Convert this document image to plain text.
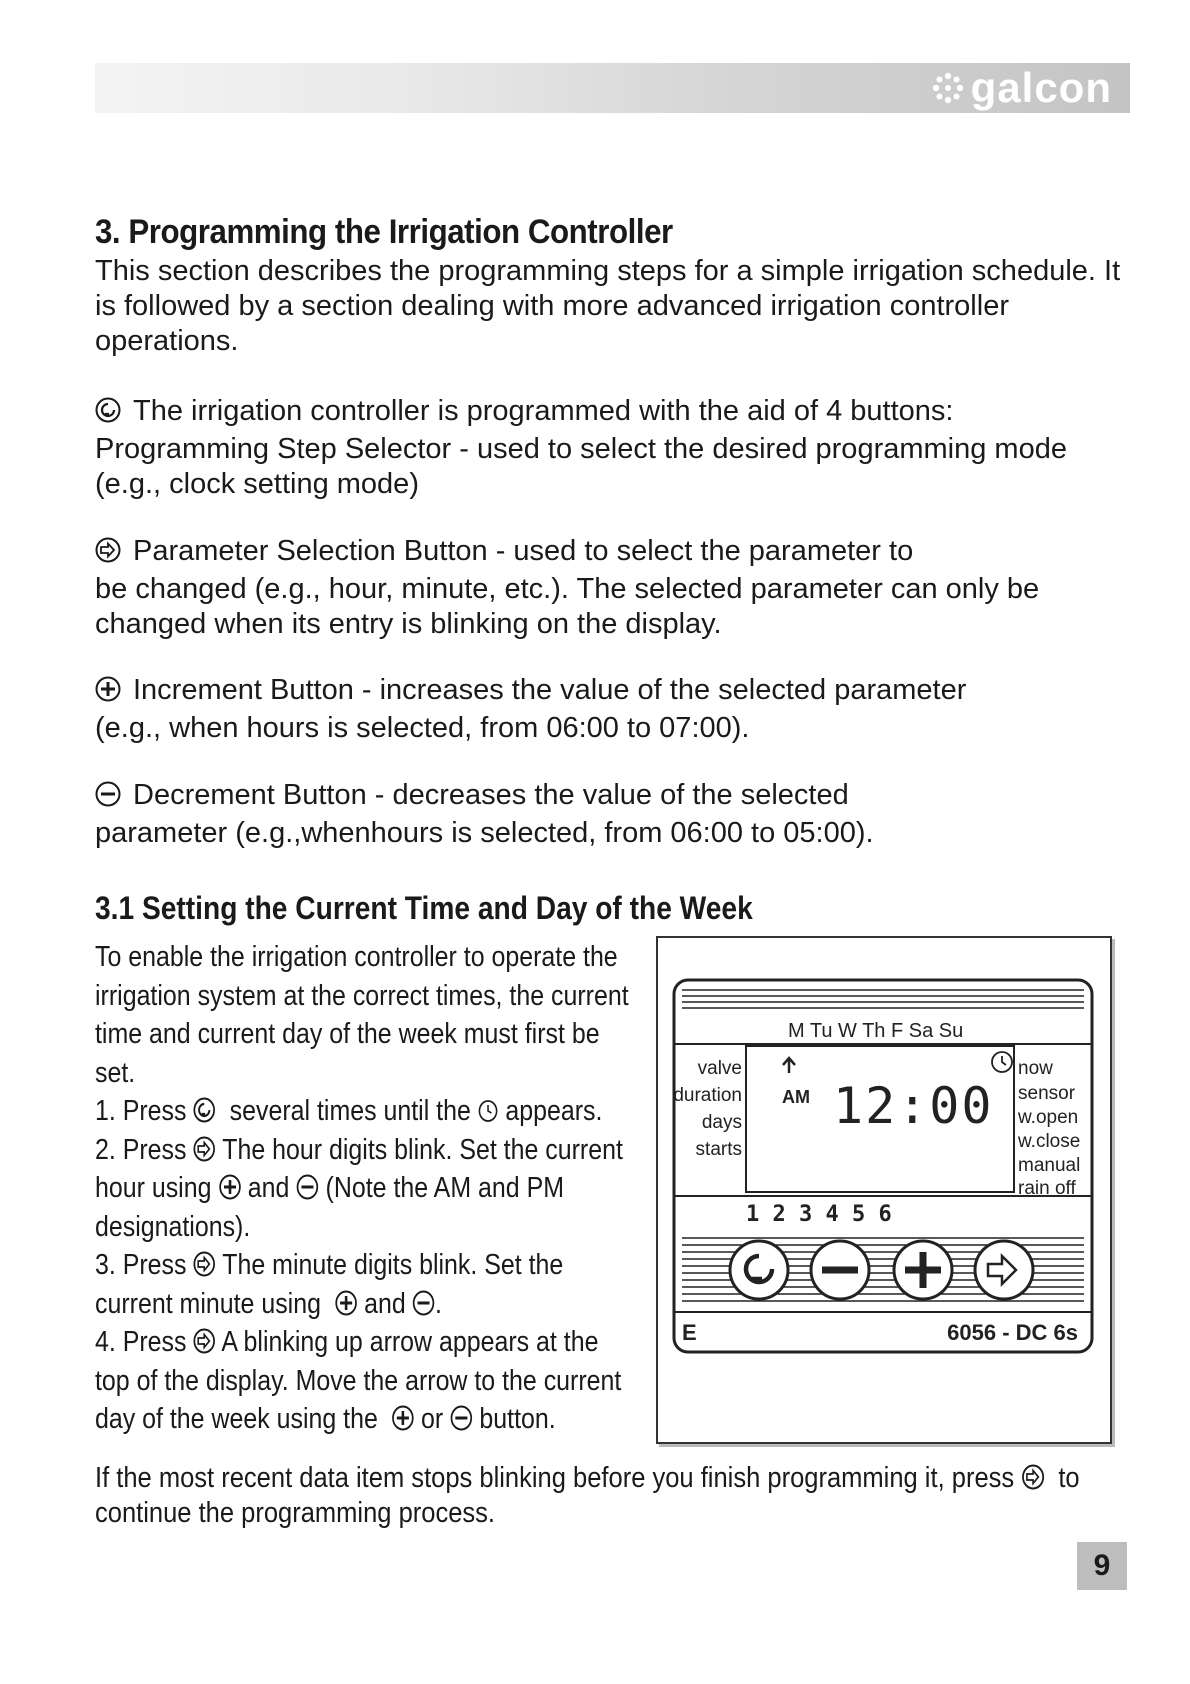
galcon
3. Programming the Irrigation Controller

This section describes the programming steps for a simple irrigation schedule. It is followed by a section dealing with more advanced irrigation controller operations.

The irrigation controller is programmed with the aid of 4 buttons:
Programming Step Selector - used to select the desired programming mode (e.g., clock setting mode)
Parameter Selection Button - used to select the parameter to
be changed (e.g., hour, minute, etc.). The selected parameter can only be changed when its entry is blinking on the display.
Increment Button - increases the value of the selected parameter
(e.g., when hours is selected, from 06:00 to 07:00).
Decrement Button - decreases the value of the selected
parameter (e.g.,whenhours is selected, from 06:00 to 05:00).
3.1 Setting the Current Time and Day of the Week
To enable the irrigation controller to operate the
irrigation system at the correct times, the current
time and current day of the week must first be
set.
1. Press several times until the appears.
2. Press The hour digits blink. Set the current
hour using and (Note the AM and PM
designations).
3. Press The minute digits blink. Set the
current minute using and .
4. Press A blinking up arrow appears at the
top of the display. Move the arrow to the current
day of the week using the or button.
M Tu W Th F Sa Su
valve
duration
days
starts
now
sensor
w.open
w.close
manual
rain off
AM 12:00
1 2 3 4 5 6
E	6056 - DC 6s
If the most recent data item stops blinking before you finish programming it, press to
continue the programming process.
9
